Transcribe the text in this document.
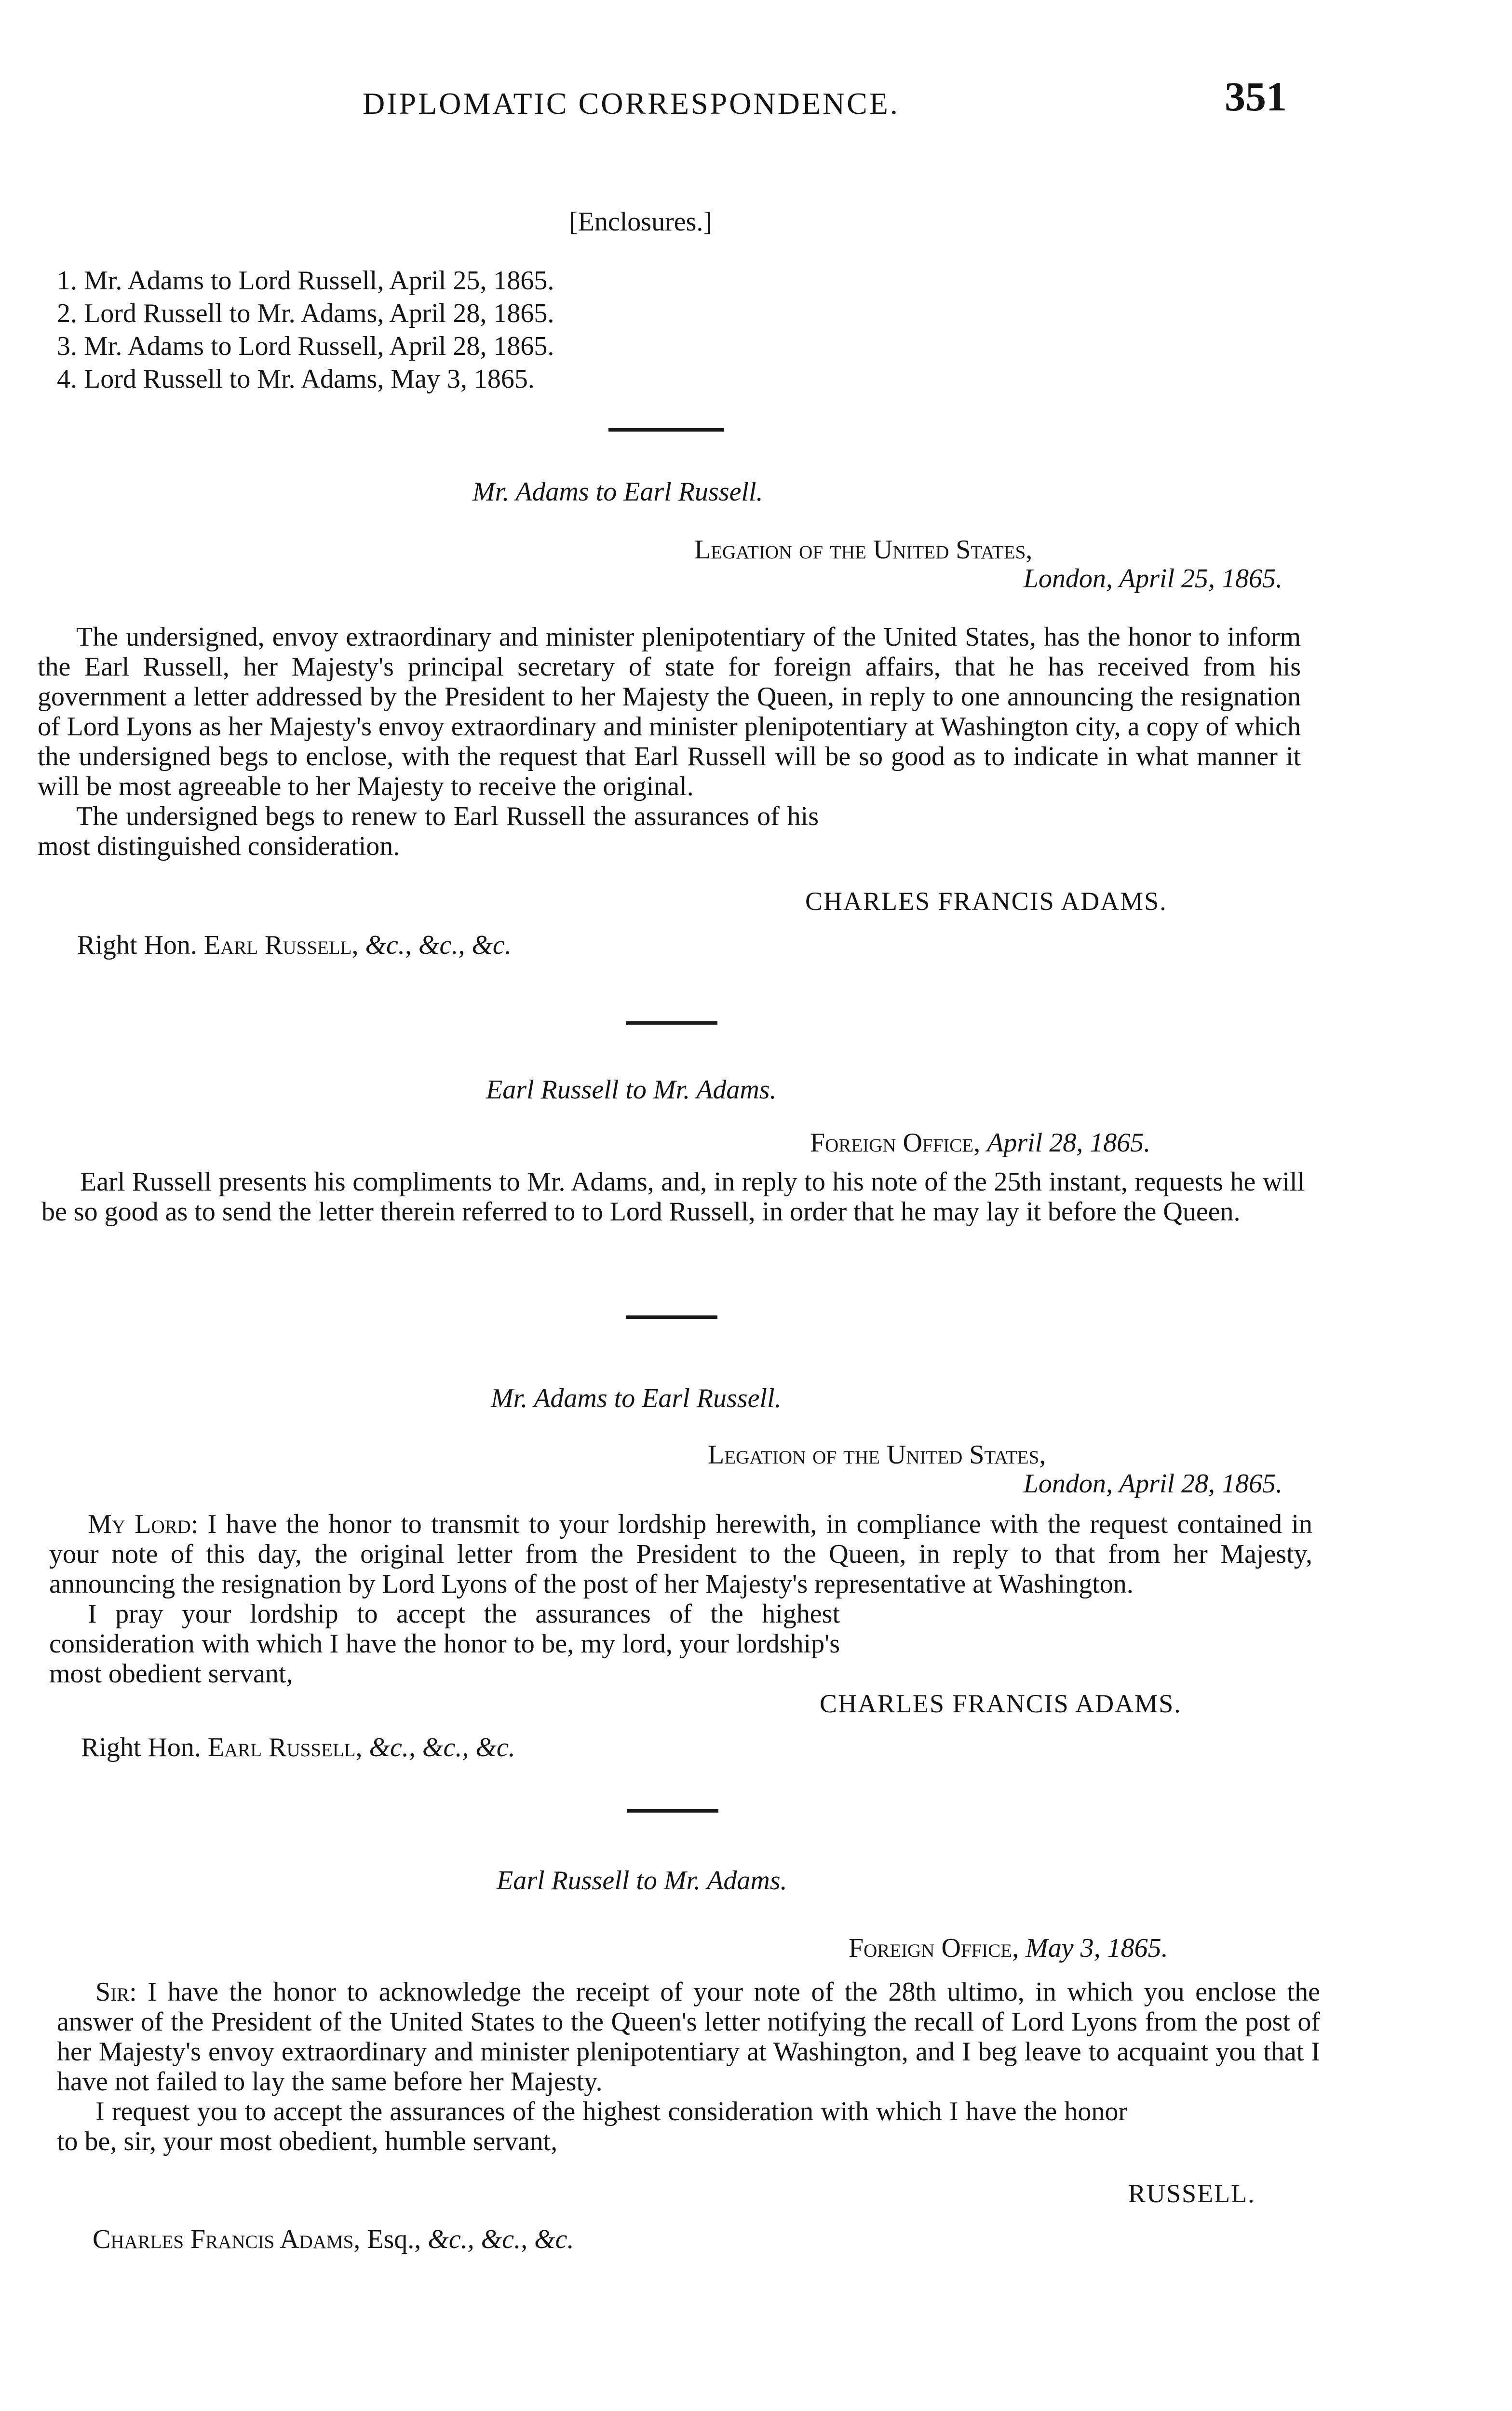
DIPLOMATIC CORRESPONDENCE.	351
[Enclosures.]
1. Mr. Adams to Lord Russell, April 25, 1865.
2. Lord Russell to Mr. Adams, April 28, 1865.
3. Mr. Adams to Lord Russell, April 28, 1865.
4. Lord Russell to Mr. Adams, May 3, 1865.
Mr. Adams to Earl Russell.
Legation of the United States,
London, April 25, 1865.

The undersigned, envoy extraordinary and minister plenipotentiary of the United States, has the honor to inform the Earl Russell, her Majesty's principal secretary of state for foreign affairs, that he has received from his government a letter addressed by the President to her Majesty the Queen, in reply to one announcing the resignation of Lord Lyons as her Majesty's envoy extraordinary and minister plenipotentiary at Washington city, a copy of which the undersigned begs to enclose, with the request that Earl Russell will be so good as to indicate in what manner it will be most agreeable to her Majesty to receive the original.

The undersigned begs to renew to Earl Russell the assurances of his most distinguished consideration.

CHARLES FRANCIS ADAMS.
Right Hon. Earl Russell, &c., &c., &c.
Earl Russell to Mr. Adams.
Foreign Office, April 28, 1865.

Earl Russell presents his compliments to Mr. Adams, and, in reply to his note of the 25th instant, requests he will be so good as to send the letter therein referred to to Lord Russell, in order that he may lay it before the Queen.

Mr. Adams to Earl Russell.
Legation of the United States,
London, April 28, 1865.

My Lord: I have the honor to transmit to your lordship herewith, in compliance with the request contained in your note of this day, the original letter from the President to the Queen, in reply to that from her Majesty, announcing the resignation by Lord Lyons of the post of her Majesty's representative at Washington.

I pray your lordship to accept the assurances of the highest consideration with which I have the honor to be, my lord, your lordship's most obedient servant,

CHARLES FRANCIS ADAMS.
Right Hon. Earl Russell, &c., &c., &c.
Earl Russell to Mr. Adams.
Foreign Office, May 3, 1865.

Sir: I have the honor to acknowledge the receipt of your note of the 28th ultimo, in which you enclose the answer of the President of the United States to the Queen's letter notifying the recall of Lord Lyons from the post of her Majesty's envoy extraordinary and minister plenipotentiary at Washington, and I beg leave to acquaint you that I have not failed to lay the same before her Majesty.

I request you to accept the assurances of the highest consideration with which I have the honor to be, sir, your most obedient, humble servant,

RUSSELL.
Charles Francis Adams, Esq., &c., &c., &c.
